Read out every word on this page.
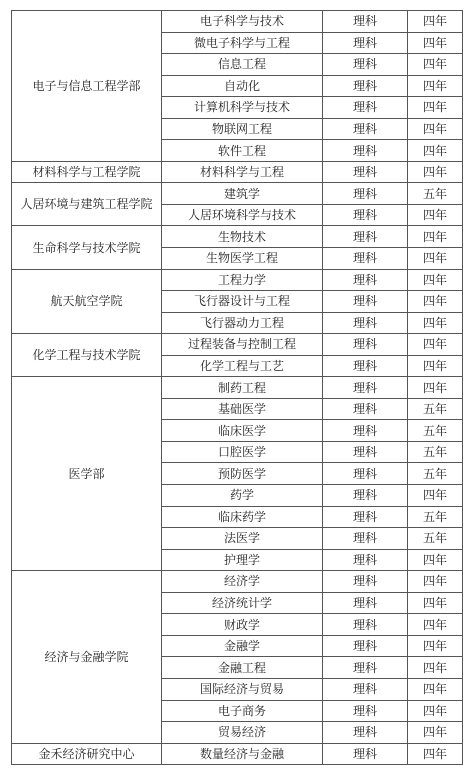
电子与信息工程学部	电子科学与技术	理科	四年
	微电子科学与工程	理科	四年
	信息工程	理科	四年
	自动化	理科	四年
	计算机科学与技术	理科	四年
	物联网工程	理科	四年
	软件工程	理科	四年
材料科学与工程学院	材料科学与工程	理科	四年
人居环境与建筑工程学院	建筑学	理科	五年
	人居环境科学与技术	理科	四年
生命科学与技术学院	生物技术	理科	四年
	生物医学工程	理科	四年
航天航空学院	工程力学	理科	四年
	飞行器设计与工程	理科	四年
	飞行器动力工程	理科	四年
化学工程与技术学院	过程装备与控制工程	理科	四年
	化学工程与工艺	理科	四年
医学部	制药工程	理科	四年
	基础医学	理科	五年
	临床医学	理科	五年
	口腔医学	理科	五年
	预防医学	理科	五年
	药学	理科	四年
	临床药学	理科	五年
	法医学	理科	五年
	护理学	理科	四年
经济与金融学院	经济学	理科	四年
	经济统计学	理科	四年
	财政学	理科	四年
	金融学	理科	四年
	金融工程	理科	四年
	国际经济与贸易	理科	四年
	电子商务	理科	四年
	贸易经济	理科	四年
金禾经济研究中心	数量经济与金融	理科	四年
